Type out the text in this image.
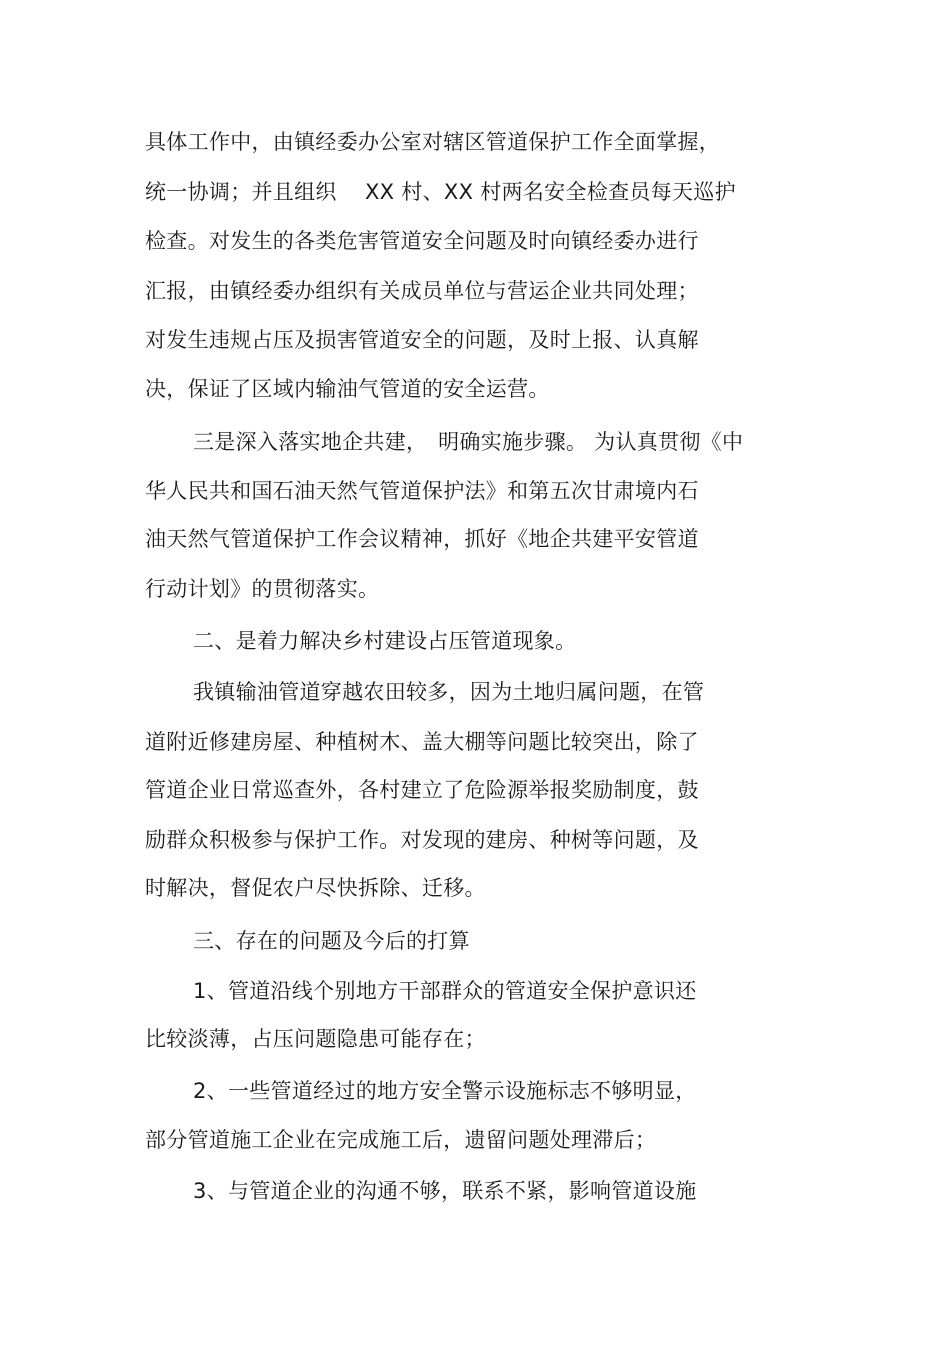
具体工作中，由镇经委办公室对辖区管道保护工作全面掌握，
统一协调；并且组织　 XX 村、XX 村两名安全检查员每天巡护
检查。对发生的各类危害管道安全问题及时向镇经委办进行
汇报，由镇经委办组织有关成员单位与营运企业共同处理；
对发生违规占压及损害管道安全的问题，及时上报、认真解
决，保证了区域内输油气管道的安全运营。
三是深入落实地企共建，　明确实施步骤。 为认真贯彻《中
华人民共和国石油天然气管道保护法》和第五次甘肃境内石
油天然气管道保护工作会议精神，抓好《地企共建平安管道
行动计划》的贯彻落实。
二、是着力解决乡村建设占压管道现象。
我镇输油管道穿越农田较多，因为土地归属问题，在管
道附近修建房屋、种植树木、盖大棚等问题比较突出，除了
管道企业日常巡查外，各村建立了危险源举报奖励制度，鼓
励群众积极参与保护工作。对发现的建房、种树等问题，及
时解决，督促农户尽快拆除、迁移。
三、存在的问题及今后的打算
1、管道沿线个别地方干部群众的管道安全保护意识还
比较淡薄，占压问题隐患可能存在；
2、一些管道经过的地方安全警示设施标志不够明显，
部分管道施工企业在完成施工后，遗留问题处理滞后；
3、与管道企业的沟通不够，联系不紧，影响管道设施
